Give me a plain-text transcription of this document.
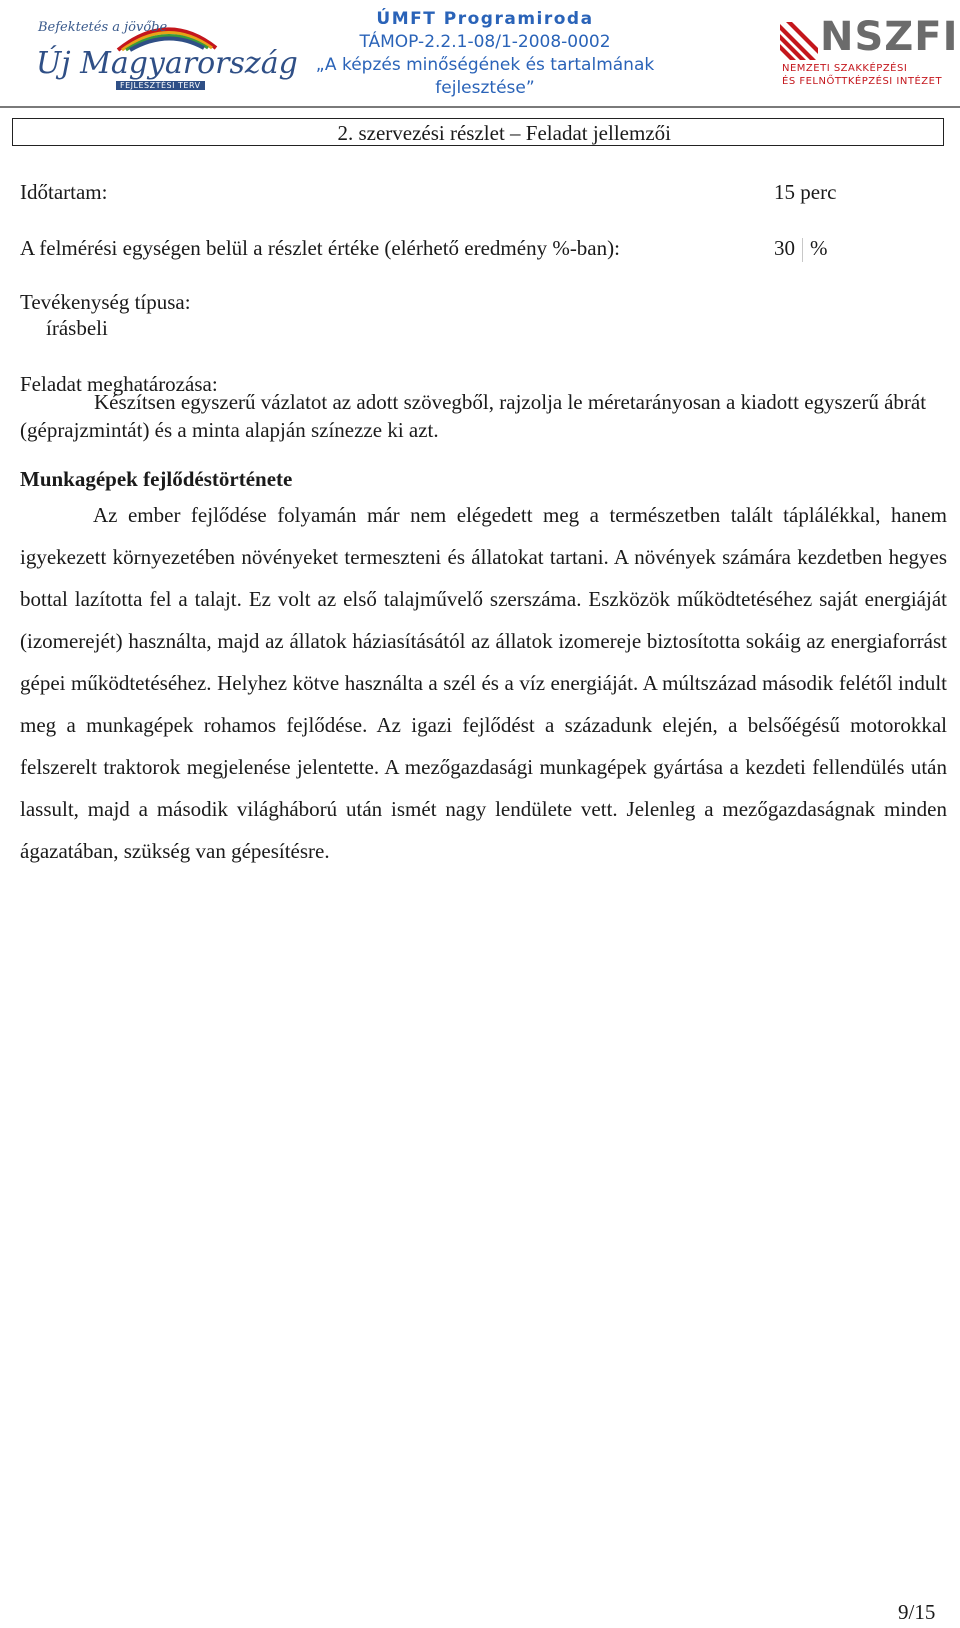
Befektetés a jövőbe
Új Magyarország
FEJLESZTÉSI TERV
ÚMFT Programiroda
TÁMOP-2.2.1-08/1-2008-0002
„A képzés minőségének és tartalmának
fejlesztése”
NSZFI
NEMZETI SZAKKÉPZÉSI
ÉS FELNŐTTKÉPZÉSI INTÉZET
2. szervezési részlet – Feladat jellemzői
Időtartam:	15 perc
A felmérési egységen belül a részlet értéke (elérhető eredmény %-ban):	30 %
Tevékenység típusa:
írásbeli
Feladat meghatározása:
Készítsen egyszerű vázlatot az adott szövegből, rajzolja le méretarányosan a kiadott egyszerű ábrát (géprajzmintát) és a minta alapján színezze ki azt.
Munkagépek fejlődéstörténete
Az ember fejlődése folyamán már nem elégedett meg a természetben talált táplálékkal, hanem igyekezett környezetében növényeket termeszteni és állatokat tartani. A növények számára kezdetben hegyes bottal lazította fel a talajt. Ez volt az első talajművelő szerszáma. Eszközök működtetéséhez saját energiáját (izomerejét) használta, majd az állatok háziasításától az állatok izomereje biztosította sokáig az energiaforrást gépei működtetéséhez. Helyhez kötve használta a szél és a víz energiáját. A múltszázad második felétől indult meg a munkagépek rohamos fejlődése. Az igazi fejlődést a századunk elején, a belsőégésű motorokkal felszerelt traktorok megjelenése jelentette. A mezőgazdasági munkagépek gyártása a kezdeti fellendülés után lassult, majd a második világháború után ismét nagy lendülete vett. Jelenleg a mezőgazdaságnak minden ágazatában, szükség van gépesítésre.
9/15
